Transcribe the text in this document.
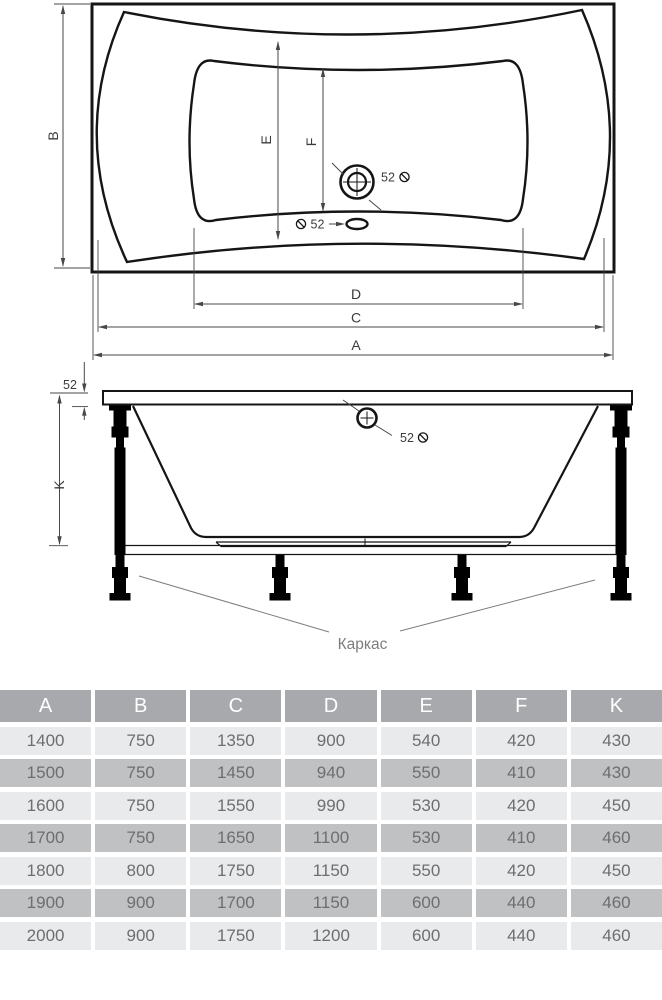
52
52
B	E F
D
C
A
52
K
52
Каркас
A	B	C	D	E	F	K
1400	750	1350	900	540	420	430
1500	750	1450	940	550	410	430
1600	750	1550	990	530	420	450
1700	750	1650	1100	530	410	460
1800	800	1750	1150	550	420	450
1900	900	1700	1150	600	440	460
2000	900	1750	1200	600	440	460
